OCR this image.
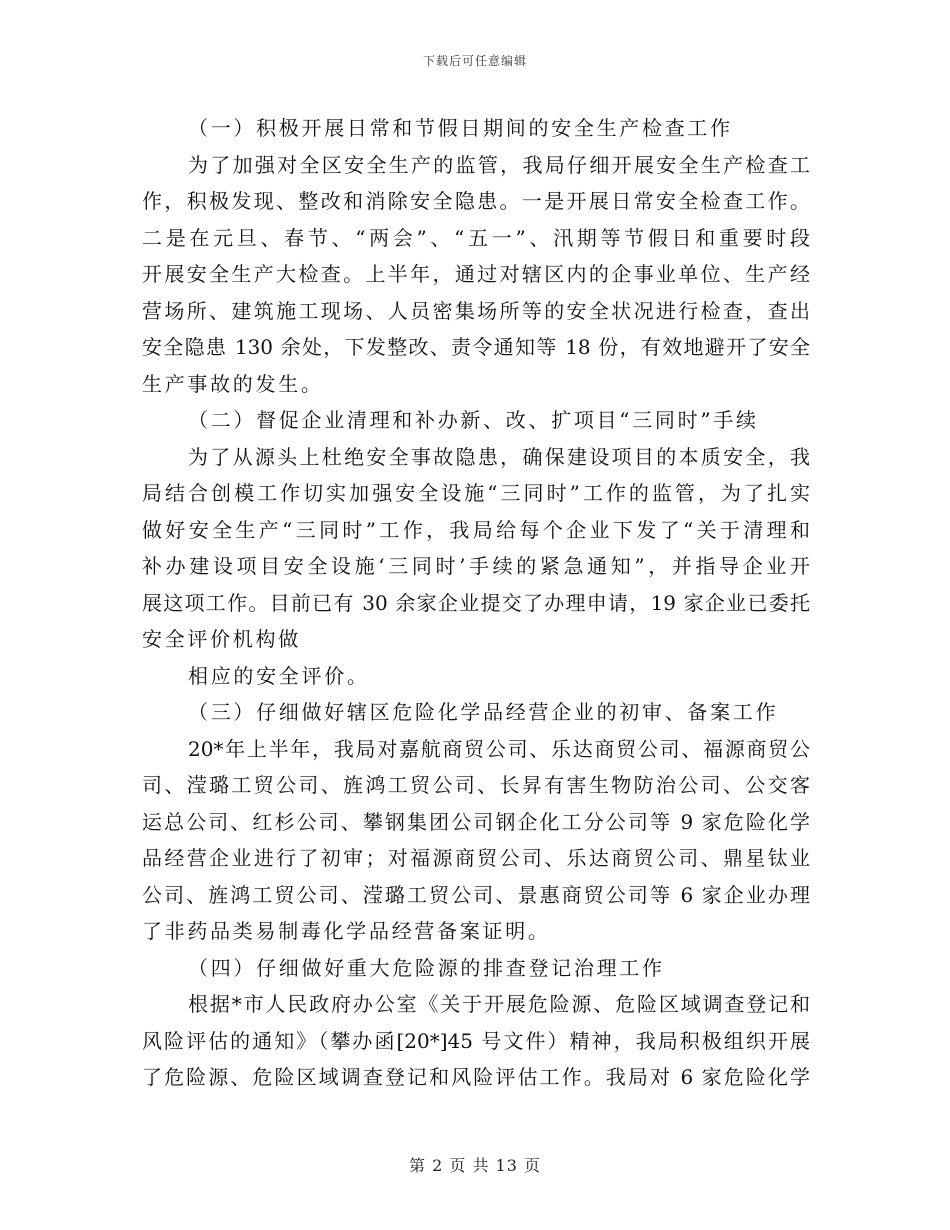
下载后可任意编辑
（一）积极开展日常和节假日期间的安全生产检查工作
为了加强对全区安全生产的监管，我局仔细开展安全生产检查工
作，积极发现、整改和消除安全隐患。一是开展日常安全检查工作。
二是在元旦、春节、“两会”、“五一”、汛期等节假日和重要时段
开展安全生产大检查。上半年，通过对辖区内的企事业单位、生产经
营场所、建筑施工现场、人员密集场所等的安全状况进行检查，查出
安全隐患 130 余处，下发整改、责令通知等 18 份，有效地避开了安全
生产事故的发生。
（二）督促企业清理和补办新、改、扩项目“三同时”手续
为了从源头上杜绝安全事故隐患，确保建设项目的本质安全，我
局结合创模工作切实加强安全设施“三同时”工作的监管，为了扎实
做好安全生产“三同时”工作，我局给每个企业下发了“关于清理和
补办建设项目安全设施‘三同时’手续的紧急通知”，并指导企业开
展这项工作。目前已有 30 余家企业提交了办理申请，19 家企业已委托
安全评价机构做
相应的安全评价。
（三）仔细做好辖区危险化学品经营企业的初审、备案工作
20*年上半年，我局对嘉航商贸公司、乐达商贸公司、福源商贸公
司、滢璐工贸公司、旌鸿工贸公司、长昇有害生物防治公司、公交客
运总公司、红杉公司、攀钢集团公司钢企化工分公司等 9 家危险化学
品经营企业进行了初审；对福源商贸公司、乐达商贸公司、鼎星钛业
公司、旌鸿工贸公司、滢璐工贸公司、景惠商贸公司等 6 家企业办理
了非药品类易制毒化学品经营备案证明。
（四）仔细做好重大危险源的排查登记治理工作
根据*市人民政府办公室《关于开展危险源、危险区域调查登记和
风险评估的通知》（攀办函[20*]45 号文件）精神，我局积极组织开展
了危险源、危险区域调查登记和风险评估工作。我局对 6 家危险化学
第 2 页 共 13 页
